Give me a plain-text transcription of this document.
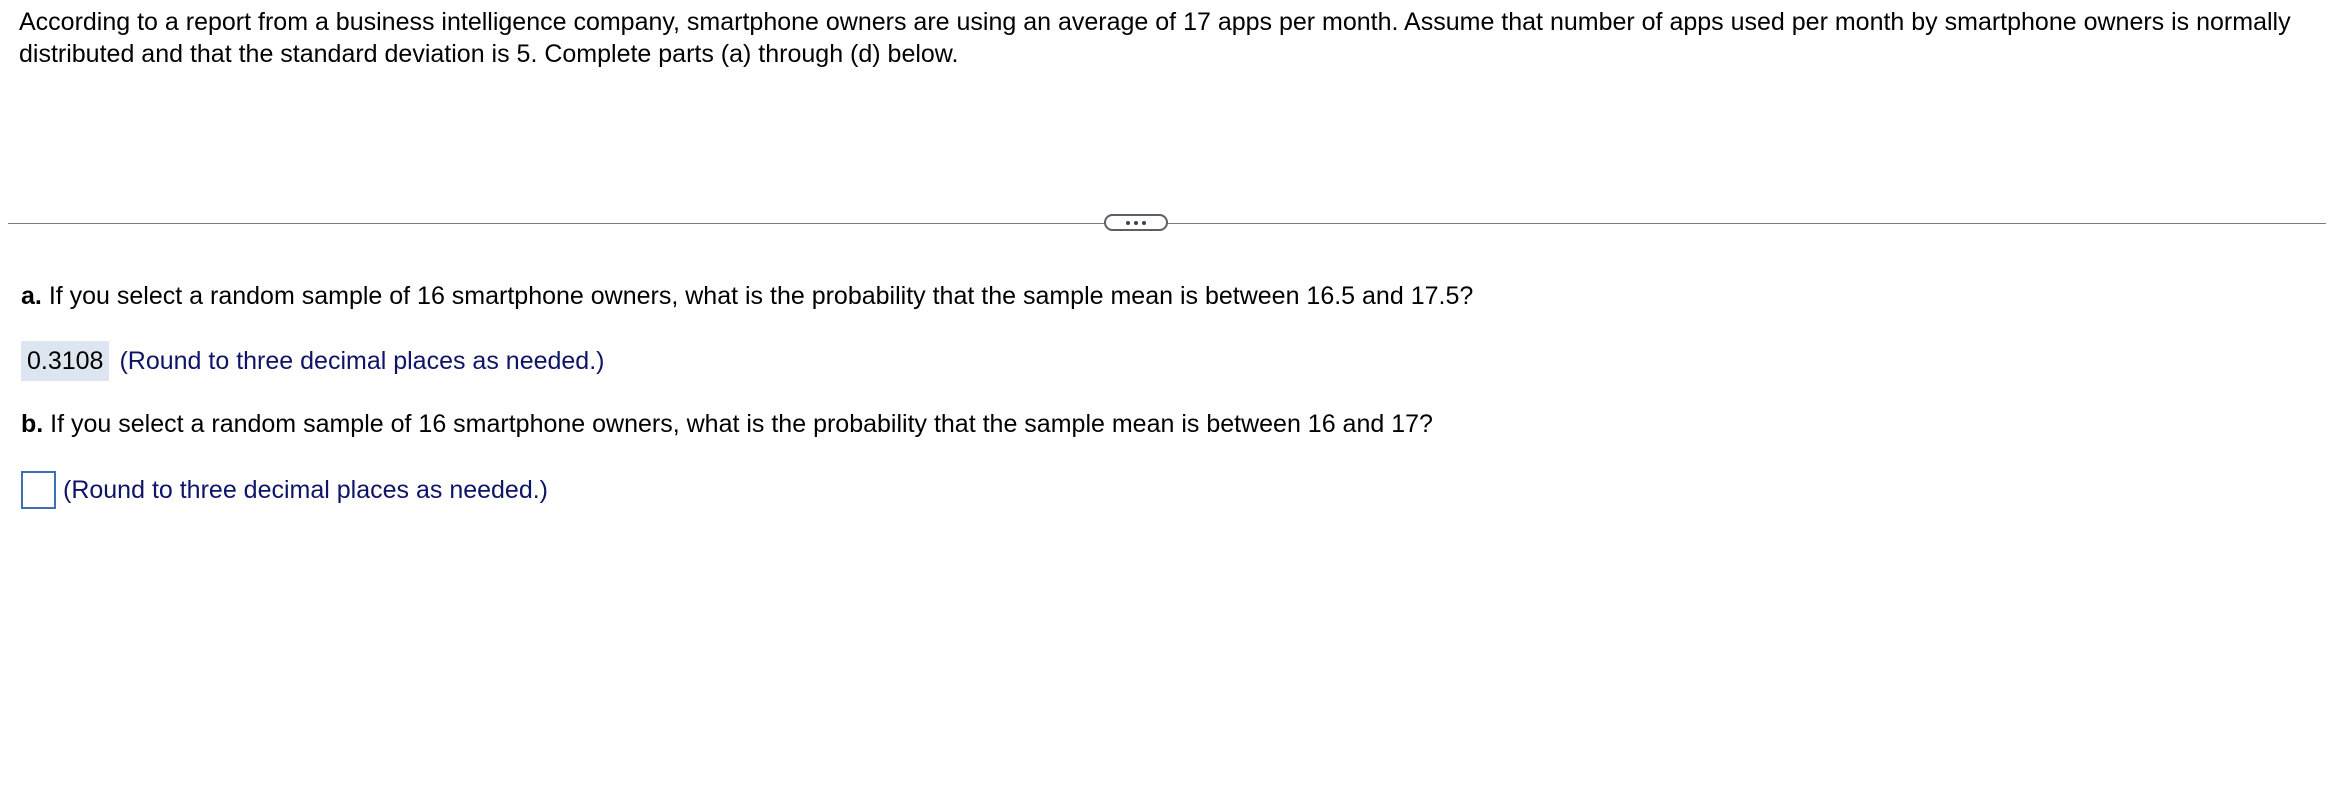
According to a report from a business intelligence company, smartphone owners are using an average of 17 apps per month. Assume that number of apps used per month by smartphone owners is normally distributed and that the standard deviation is 5. Complete parts (a) through (d) below.
a. If you select a random sample of 16 smartphone owners, what is the probability that the sample mean is between 16.5 and 17.5?
0.3108 (Round to three decimal places as needed.)
b. If you select a random sample of 16 smartphone owners, what is the probability that the sample mean is between 16 and 17?
(Round to three decimal places as needed.)
